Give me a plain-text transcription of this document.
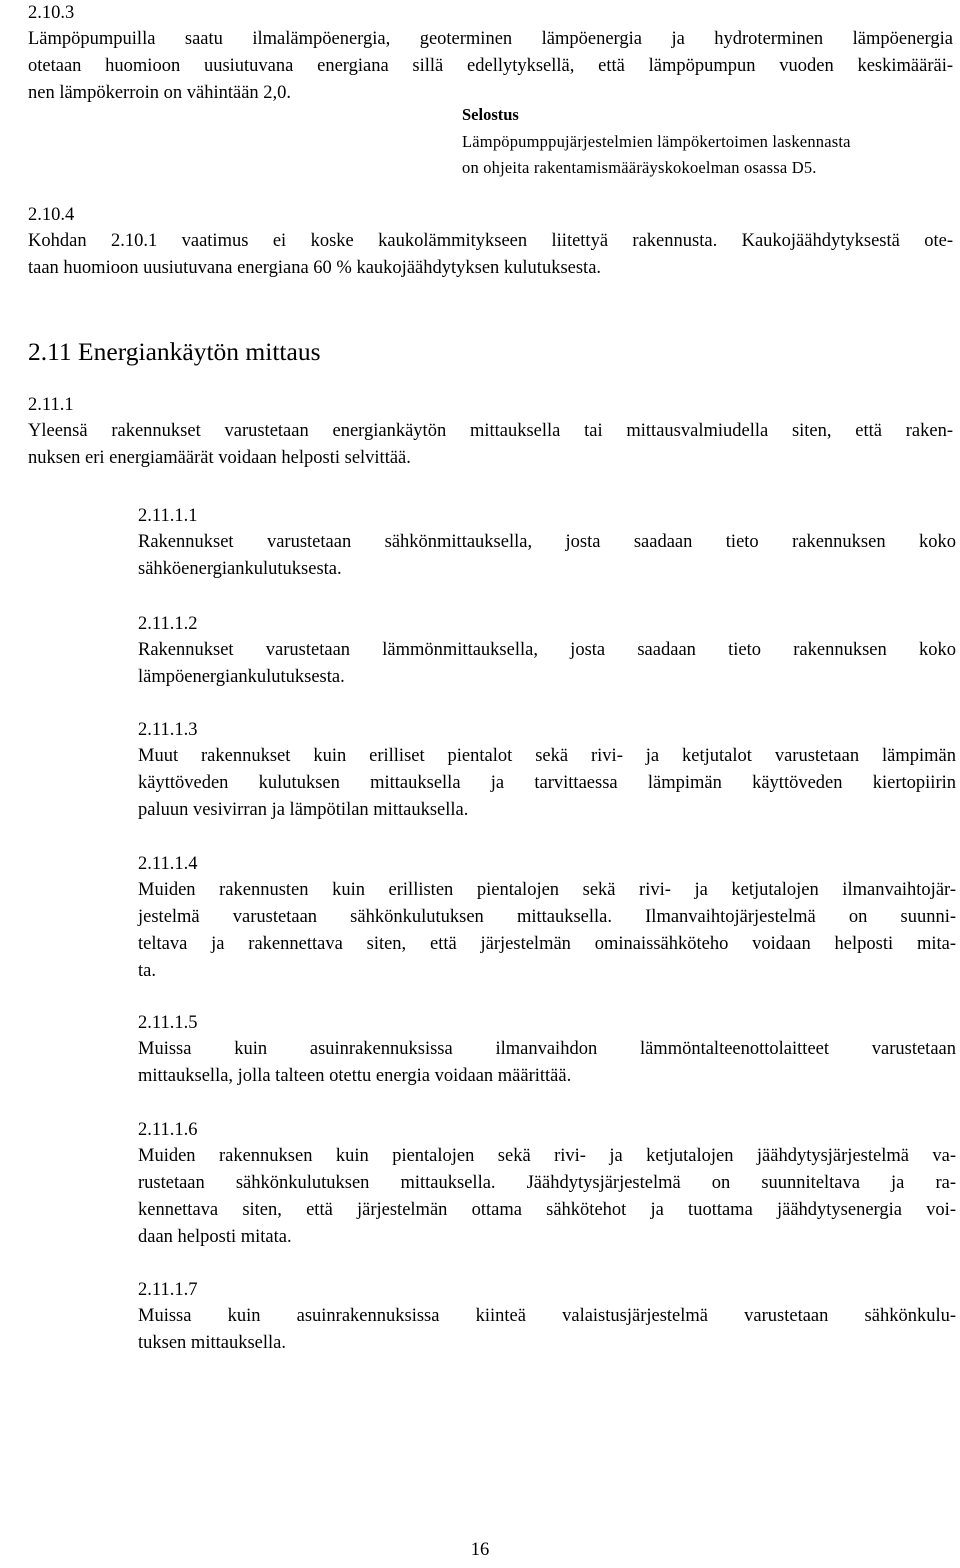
2.10.3
Lämpöpumpuilla saatu ilmalämpöenergia, geoterminen lämpöenergia ja hydroterminen lämpöenergia
otetaan huomioon uusiutuvana energiana sillä edellytyksellä, että lämpöpumpun vuoden keskimääräi-
nen lämpökerroin on vähintään 2,0.
Selostus
Lämpöpumppujärjestelmien lämpökertoimen laskennasta
on ohjeita rakentamismääräyskokoelman osassa D5.
2.10.4
Kohdan 2.10.1 vaatimus ei koske kaukolämmitykseen liitettyä rakennusta. Kaukojäähdytyksestä ote-
taan huomioon uusiutuvana energiana 60 % kaukojäähdytyksen kulutuksesta.
2.11 Energiankäytön mittaus
2.11.1
Yleensä rakennukset varustetaan energiankäytön mittauksella tai mittausvalmiudella siten, että raken-
nuksen eri energiamäärät voidaan helposti selvittää.
2.11.1.1
Rakennukset varustetaan sähkönmittauksella, josta saadaan tieto rakennuksen koko
sähköenergiankulutuksesta.
2.11.1.2
Rakennukset varustetaan lämmönmittauksella, josta saadaan tieto rakennuksen koko
lämpöenergiankulutuksesta.
2.11.1.3
Muut rakennukset kuin erilliset pientalot sekä rivi- ja ketjutalot varustetaan lämpimän
käyttöveden kulutuksen mittauksella ja tarvittaessa lämpimän käyttöveden kiertopiirin
paluun vesivirran ja lämpötilan mittauksella.
2.11.1.4
Muiden rakennusten kuin erillisten pientalojen sekä rivi- ja ketjutalojen ilmanvaihtojär-
jestelmä varustetaan sähkönkulutuksen mittauksella. Ilmanvaihtojärjestelmä on suunni-
teltava ja rakennettava siten, että järjestelmän ominaissähköteho voidaan helposti mita-
ta.
2.11.1.5
Muissa kuin asuinrakennuksissa ilmanvaihdon lämmöntalteenottolaitteet varustetaan
mittauksella, jolla talteen otettu energia voidaan määrittää.
2.11.1.6
Muiden rakennuksen kuin pientalojen sekä rivi- ja ketjutalojen jäähdytysjärjestelmä va-
rustetaan sähkönkulutuksen mittauksella. Jäähdytysjärjestelmä on suunniteltava ja ra-
kennettava siten, että järjestelmän ottama sähkötehot ja tuottama jäähdytysenergia voi-
daan helposti mitata.
2.11.1.7
Muissa kuin asuinrakennuksissa kiinteä valaistusjärjestelmä varustetaan sähkönkulu-
tuksen mittauksella.
16
